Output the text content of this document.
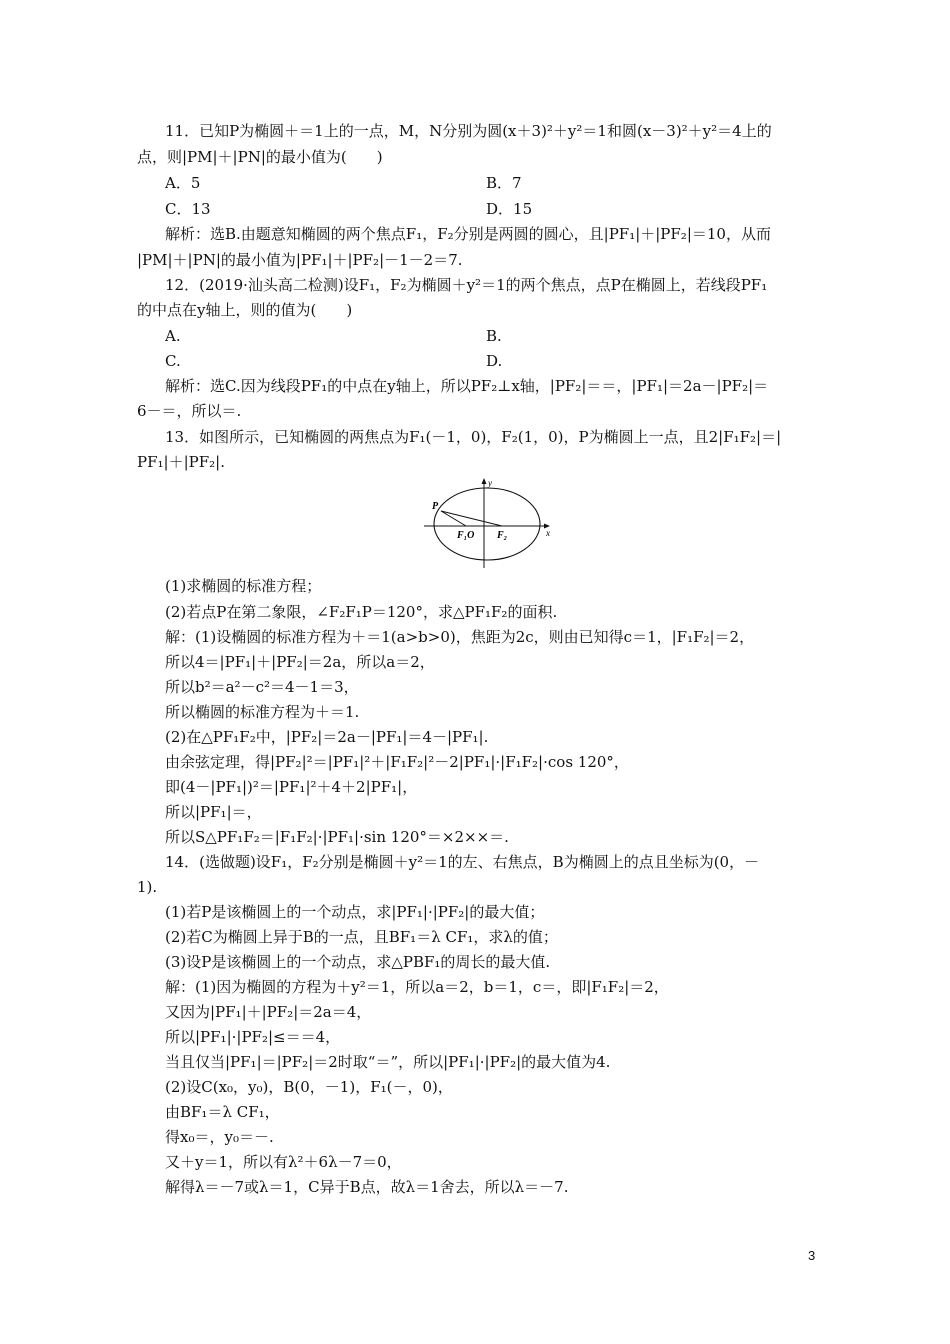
11．已知P为椭圆＋＝1上的一点，M，N分别为圆(x＋3)²＋y²＝1和圆(x－3)²＋y²＝4上的
点，则|PM|＋|PN|的最小值为(　　)
A．5	B．7
C．13	D．15
解析：选B.由题意知椭圆的两个焦点F₁，F₂分别是两圆的圆心，且|PF₁|＋|PF₂|＝10，从而
|PM|＋|PN|的最小值为|PF₁|＋|PF₂|－1－2＝7.
12．(2019·汕头高二检测)设F₁，F₂为椭圆＋y²＝1的两个焦点，点P在椭圆上，若线段PF₁
的中点在y轴上，则的值为(　　)
A.	B.
C.	D.
解析：选C.因为线段PF₁的中点在y轴上，所以PF₂⊥x轴，|PF₂|＝＝，|PF₁|＝2a－|PF₂|＝
6－＝，所以＝.
13．如图所示，已知椭圆的两焦点为F₁(－1，0)，F₂(1，0)，P为椭圆上一点，且2|F₁F₂|＝|
PF₁|＋|PF₂|.
P
y
x
F₁O F₂
(1)求椭圆的标准方程；
(2)若点P在第二象限，∠F₂F₁P＝120°，求△PF₁F₂的面积.
解：(1)设椭圆的标准方程为＋＝1(a>b>0)，焦距为2c，则由已知得c＝1，|F₁F₂|＝2，
所以4＝|PF₁|＋|PF₂|＝2a，所以a＝2，
所以b²＝a²－c²＝4－1＝3，
所以椭圆的标准方程为＋＝1.
(2)在△PF₁F₂中，|PF₂|＝2a－|PF₁|＝4－|PF₁|.
由余弦定理，得|PF₂|²＝|PF₁|²＋|F₁F₂|²－2|PF₁|·|F₁F₂|·cos 120°，
即(4－|PF₁|)²＝|PF₁|²＋4＋2|PF₁|，
所以|PF₁|＝，
所以S△PF₁F₂＝|F₁F₂|·|PF₁|·sin 120°＝×2××＝.
14．(选做题)设F₁，F₂分别是椭圆＋y²＝1的左、右焦点，B为椭圆上的点且坐标为(0，－
1).
(1)若P是该椭圆上的一个动点，求|PF₁|·|PF₂|的最大值；
(2)若C为椭圆上异于B的一点，且BF₁＝λ CF₁，求λ的值；
(3)设P是该椭圆上的一个动点，求△PBF₁的周长的最大值.
解：(1)因为椭圆的方程为＋y²＝1，所以a＝2，b＝1，c＝，即|F₁F₂|＝2，
又因为|PF₁|＋|PF₂|＝2a＝4，
所以|PF₁|·|PF₂|≤＝＝4，
当且仅当|PF₁|＝|PF₂|＝2时取“＝”，所以|PF₁|·|PF₂|的最大值为4.
(2)设C(x₀，y₀)，B(0，－1)，F₁(－，0)，
由BF₁＝λ CF₁，
得x₀＝，y₀＝－.
又＋y＝1，所以有λ²＋6λ－7＝0，
解得λ＝－7或λ＝1，C异于B点，故λ＝1舍去，所以λ＝－7.
3
